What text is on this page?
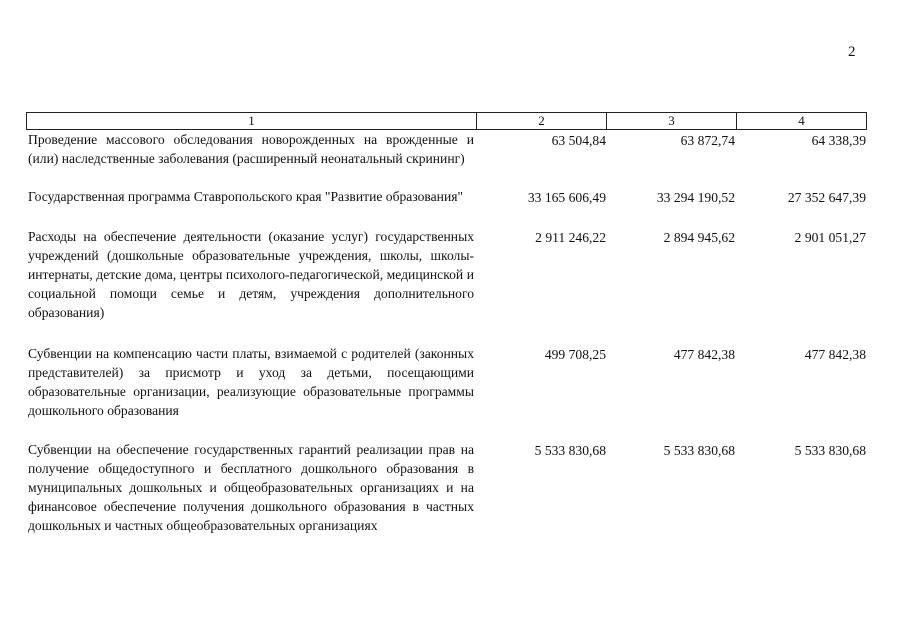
2
1	2	3	4
Проведение массового обследования новорожденных на врожденные и (или) наследственные заболевания (расширенный неонатальный скрининг)
63 504,84	63 872,74	64 338,39
Государственная программа Ставропольского края "Развитие образования"	33 165 606,49	33 294 190,52	27 352 647,39
Расходы на обеспечение деятельности (оказание услуг) государственных учреждений (дошкольные образовательные учреждения, школы, школы-интернаты, детские дома, центры психолого-педагогической, медицинской и социальной помощи семье и детям, учреждения дополнительного образования)
2 911 246,22	2 894 945,62	2 901 051,27
Субвенции на компенсацию части платы, взимаемой с родителей (законных представителей) за присмотр и уход за детьми, посещающими образовательные организации, реализующие образовательные программы дошкольного образования
499 708,25	477 842,38	477 842,38
Субвенции на обеспечение государственных гарантий реализации прав на получение общедоступного и бесплатного дошкольного образования в муниципальных дошкольных и общеобразовательных организациях и на финансовое обеспечение получения дошкольного образования в частных дошкольных и частных общеобразовательных организациях
5 533 830,68	5 533 830,68	5 533 830,68
